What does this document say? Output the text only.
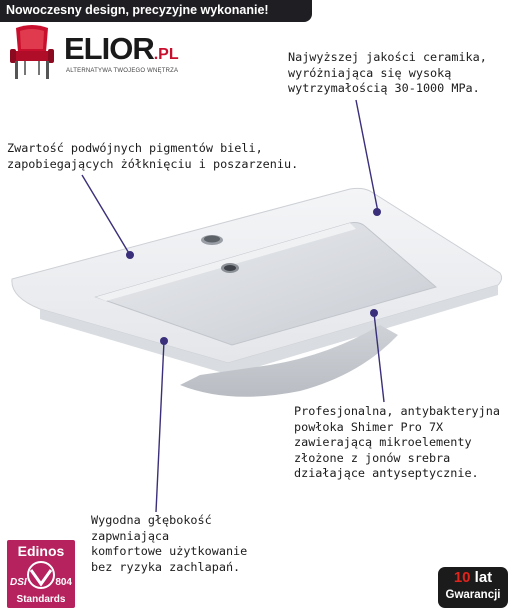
Nowoczesny design, precyzyjne wykonanie!
ELIOR.PL
ALTERNATYWA TWOJEGO WNĘTRZA
Najwyższej jakości ceramika,
wyróżniająca się wysoką
wytrzymałością 30-1000 MPa.
Zwartość podwójnych pigmentów bieli,
zapobiegających żółknięciu i poszarzeniu.
Profesjonalna, antybakteryjna
powłoka Shimer Pro 7X
zawierającą mikroelementy
złożone z jonów srebra
działające antyseptycznie.
Wygodna głębokość
zapwniająca
komfortowe użytkowanie
bez ryzyka zachlapań.
Edinos
DSI	804
Standards
10 lat
Gwarancji
